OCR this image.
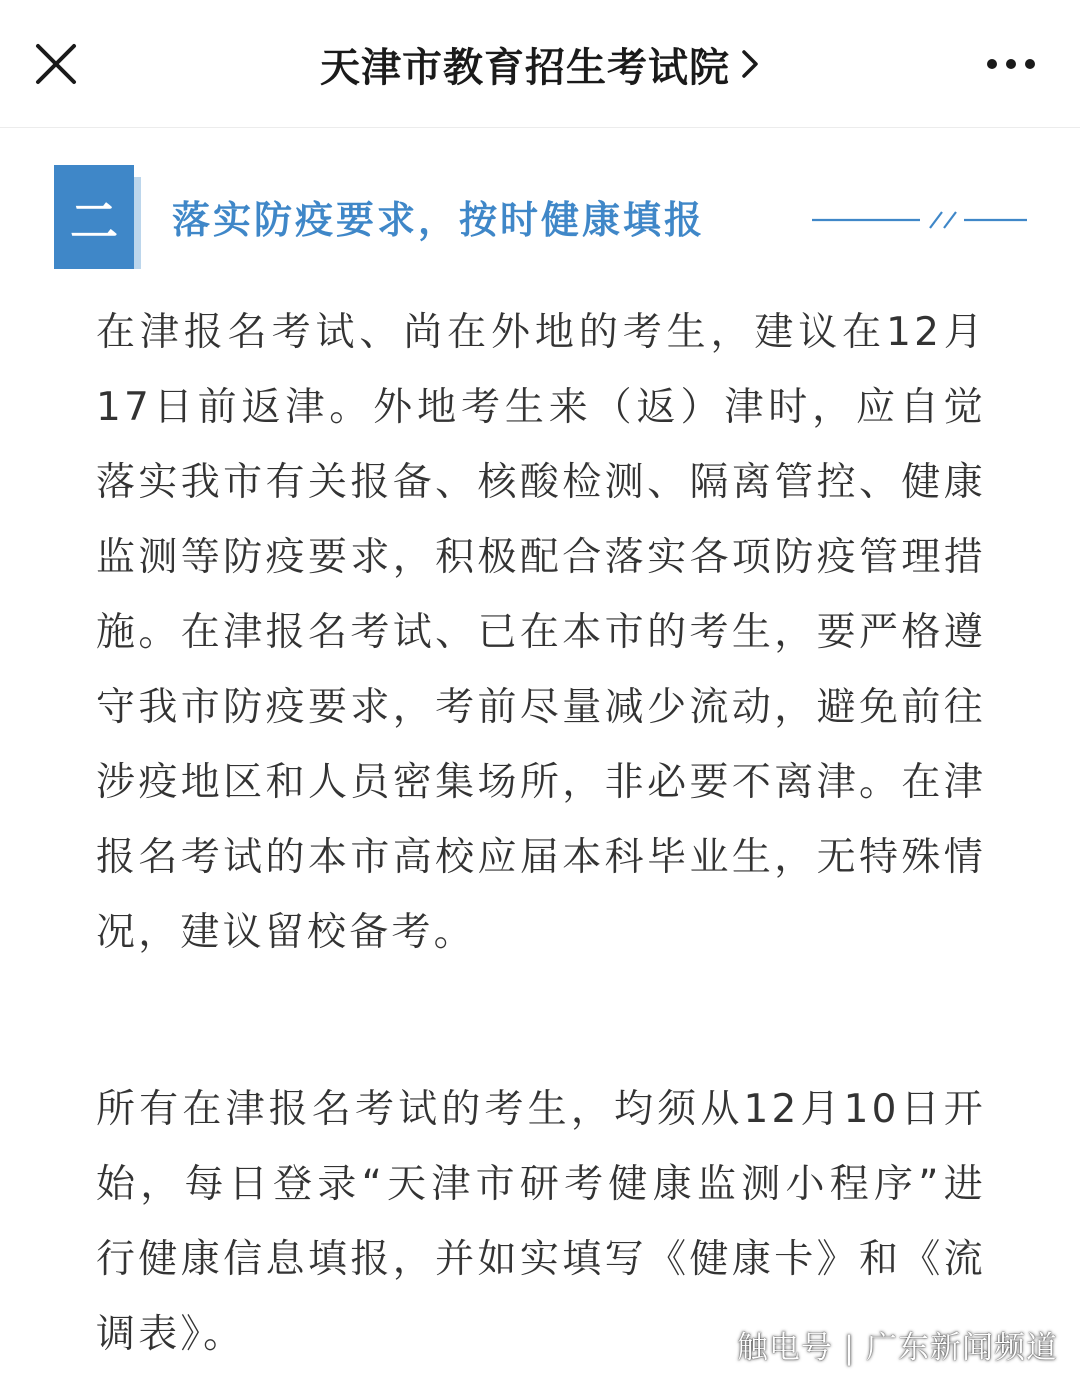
天津市教育招生考试院
二 落实防疫要求，按时健康填报

在津报名考试、尚在外地的考生，建议在12月17日前返津。外地考生来（返）津时，应自觉落实我市有关报备、核酸检测、隔离管控、健康监测等防疫要求，积极配合落实各项防疫管理措施。在津报名考试、已在本市的考生，要严格遵守我市防疫要求，考前尽量减少流动，避免前往涉疫地区和人员密集场所，非必要不离津。在津报名考试的本市高校应届本科毕业生，无特殊情况，建议留校备考。

所有在津报名考试的考生，均须从12月10日开始，每日登录“天津市研考健康监测小程序”进行健康信息填报，并如实填写《健康卡》和《流调表》。	触电号 | 广东新闻频道
